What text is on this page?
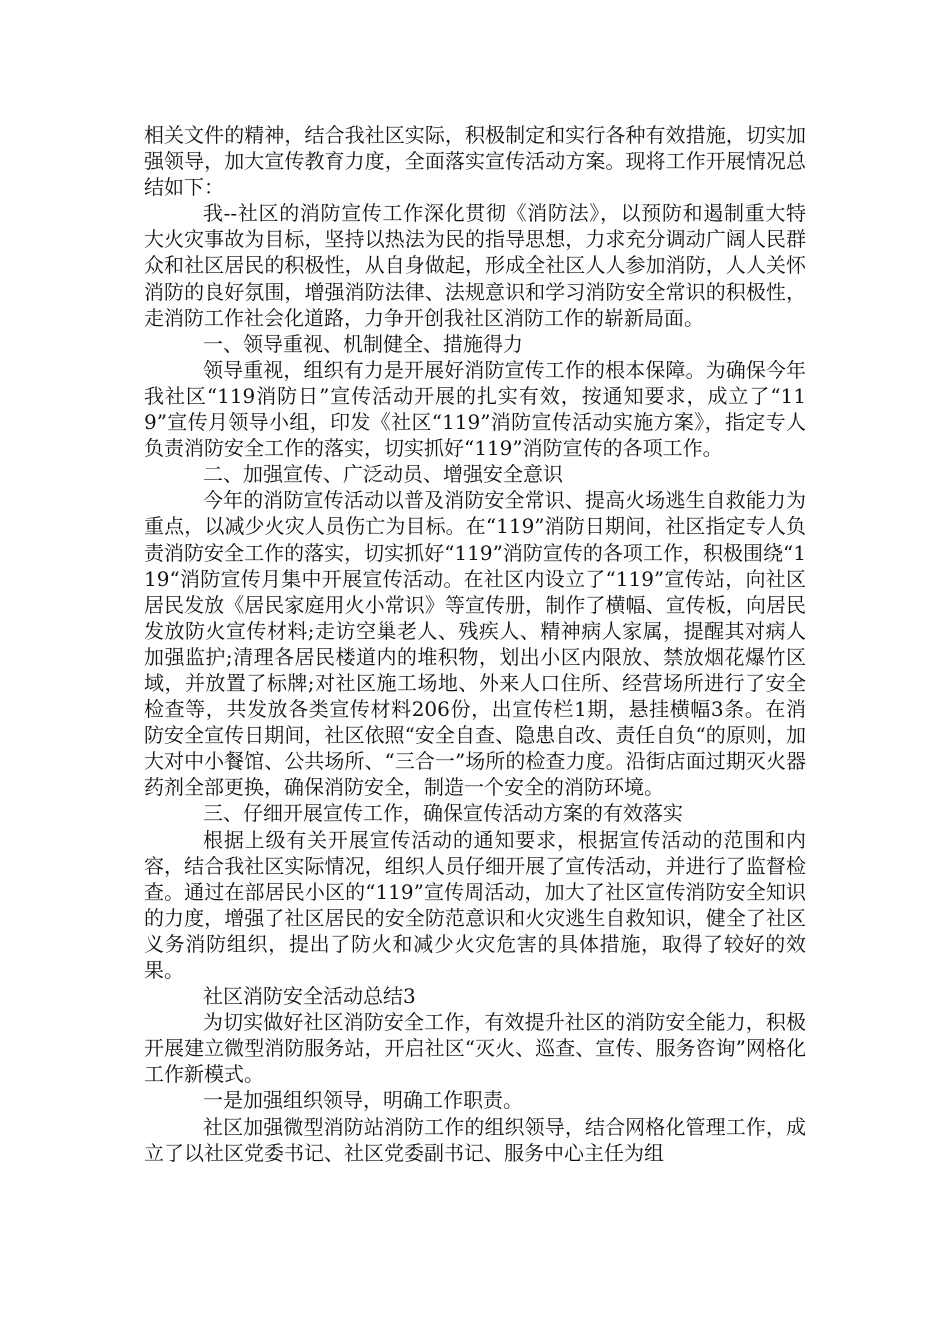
相关文件的精神，结合我社区实际，积极制定和实行各种有效措施，切实加强领导，加大宣传教育力度，全面落实宣传活动方案。现将工作开展情况总结如下：

我--社区的消防宣传工作深化贯彻《消防法》，以预防和遏制重大特大火灾事故为目标，坚持以热法为民的指导思想，力求充分调动广阔人民群众和社区居民的积极性，从自身做起，形成全社区人人参加消防，人人关怀消防的良好氛围，增强消防法律、法规意识和学习消防安全常识的积极性，走消防工作社会化道路，力争开创我社区消防工作的崭新局面。

一、领导重视、机制健全、措施得力

领导重视，组织有力是开展好消防宣传工作的根本保障。为确保今年我社区“119消防日”宣传活动开展的扎实有效，按通知要求，成立了“119”宣传月领导小组，印发《社区“119”消防宣传活动实施方案》，指定专人负责消防安全工作的落实，切实抓好“119”消防宣传的各项工作。

二、加强宣传、广泛动员、增强安全意识

今年的消防宣传活动以普及消防安全常识、提高火场逃生自救能力为重点，以减少火灾人员伤亡为目标。在“119”消防日期间，社区指定专人负责消防安全工作的落实，切实抓好“119”消防宣传的各项工作，积极围绕“119“消防宣传月集中开展宣传活动。在社区内设立了“119”宣传站，向社区居民发放《居民家庭用火小常识》等宣传册，制作了横幅、宣传板，向居民发放防火宣传材料;走访空巢老人、残疾人、精神病人家属，提醒其对病人加强监护;清理各居民楼道内的堆积物，划出小区内限放、禁放烟花爆竹区域，并放置了标牌;对社区施工场地、外来人口住所、经营场所进行了安全检查等，共发放各类宣传材料206份，出宣传栏1期，悬挂横幅3条。在消防安全宣传日期间，社区依照“安全自查、隐患自改、责任自负“的原则，加大对中小餐馆、公共场所、“三合一”场所的检查力度。沿街店面过期灭火器药剂全部更换，确保消防安全，制造一个安全的消防环境。

三、仔细开展宣传工作，确保宣传活动方案的有效落实

根据上级有关开展宣传活动的通知要求，根据宣传活动的范围和内容，结合我社区实际情况，组织人员仔细开展了宣传活动，并进行了监督检查。通过在部居民小区的“119”宣传周活动，加大了社区宣传消防安全知识的力度，增强了社区居民的安全防范意识和火灾逃生自救知识，健全了社区义务消防组织，提出了防火和减少火灾危害的具体措施，取得了较好的效果。

社区消防安全活动总结3

为切实做好社区消防安全工作，有效提升社区的消防安全能力，积极开展建立微型消防服务站，开启社区“灭火、巡查、宣传、服务咨询”网格化工作新模式。

一是加强组织领导，明确工作职责。

社区加强微型消防站消防工作的组织领导，结合网格化管理工作，成立了以社区党委书记、社区党委副书记、服务中心主任为组
